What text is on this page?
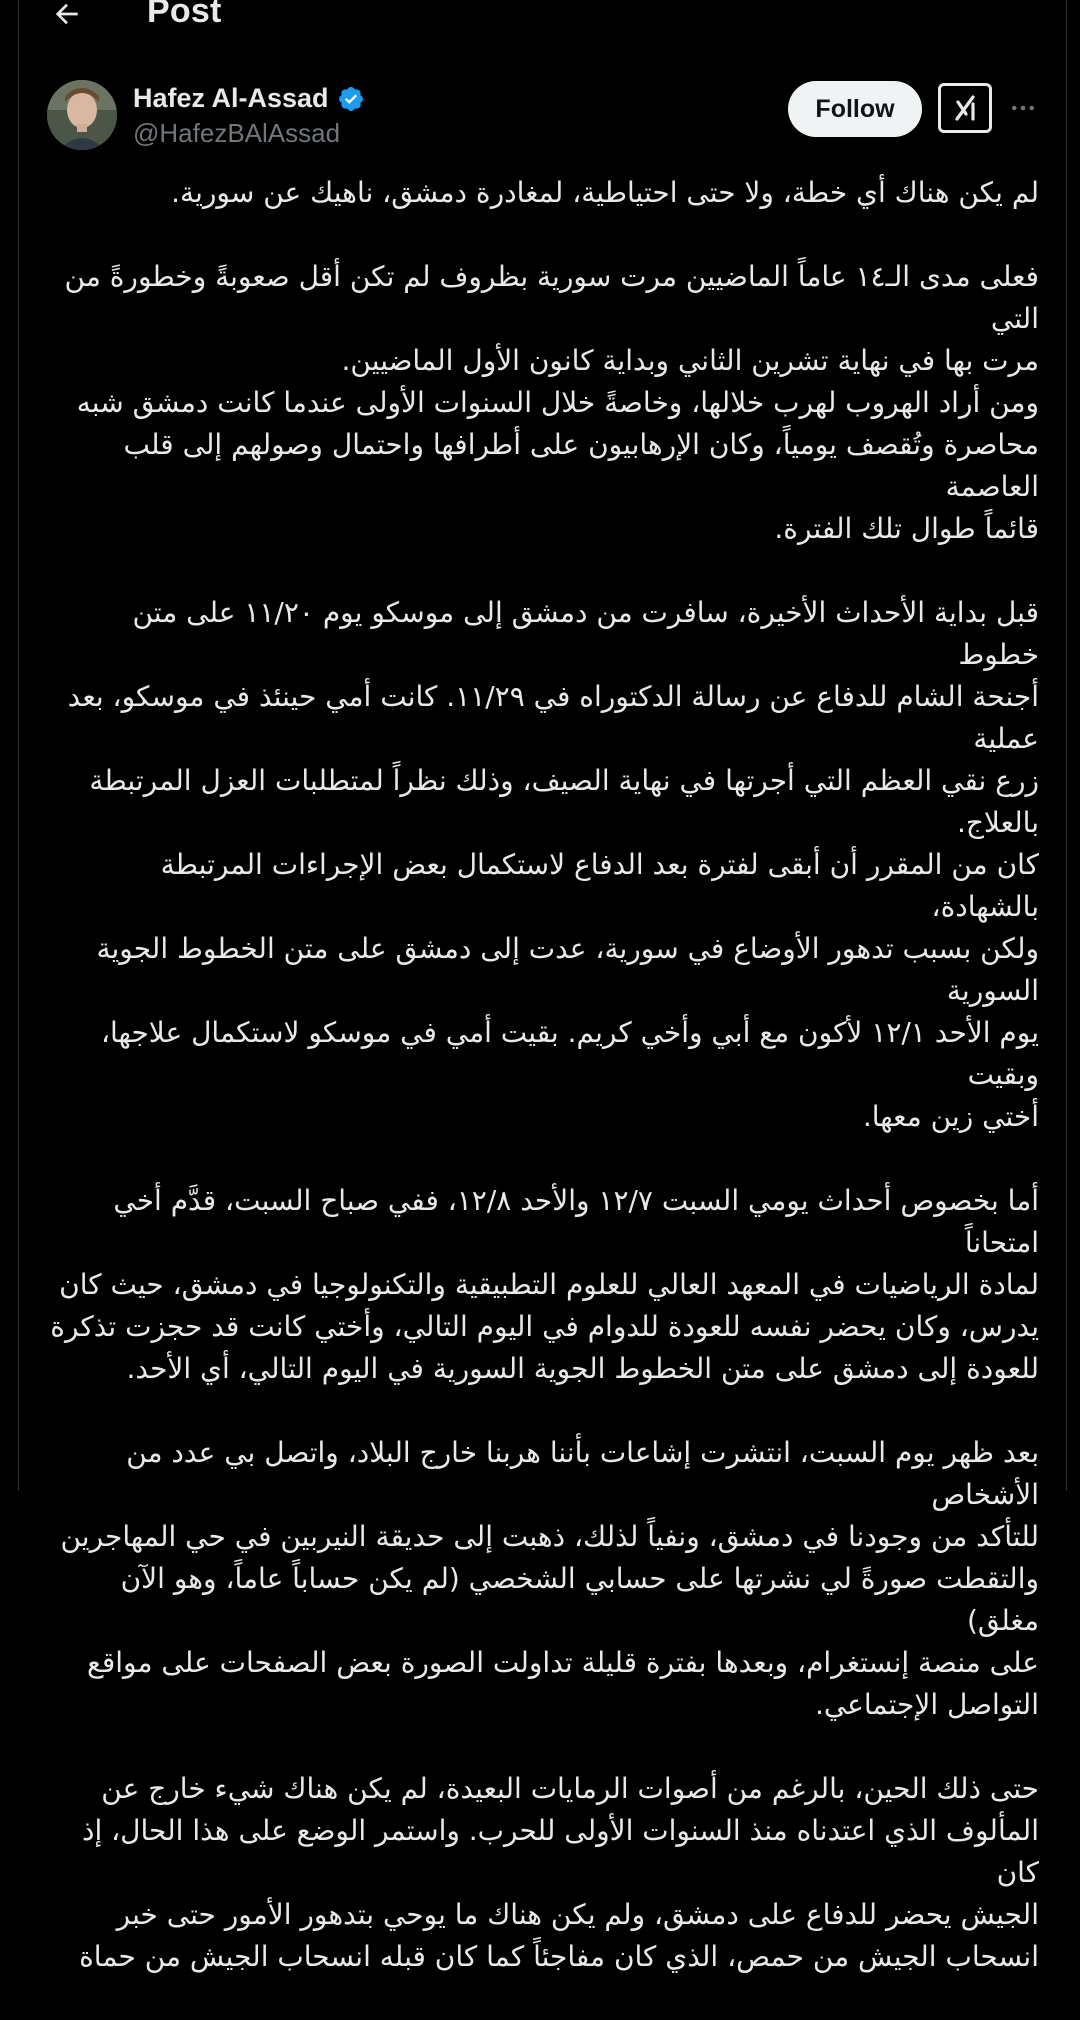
Post
Hafez Al-Assad
@HafezBAlAssad
Follow

لم يكن هناك أي خطة، ولا حتى احتياطية، لمغادرة دمشق، ناهيك عن سورية.

فعلى مدى الـ١٤ عاماً الماضيين مرت سورية بظروف لم تكن أقل صعوبةً وخطورةً من التي
مرت بها في نهاية تشرين الثاني وبداية كانون الأول الماضيين.
ومن أراد الهروب لهرب خلالها، وخاصةً خلال السنوات الأولى عندما كانت دمشق شبه
محاصرة وتُقصف يومياً، وكان الإرهابيون على أطرافها واحتمال وصولهم إلى قلب العاصمة
قائماً طوال تلك الفترة.

قبل بداية الأحداث الأخيرة، سافرت من دمشق إلى موسكو يوم ١١/٢٠ على متن خطوط
أجنحة الشام للدفاع عن رسالة الدكتوراه في ١١/٢٩. كانت أمي حينئذ في موسكو، بعد عملية
زرع نقي العظم التي أجرتها في نهاية الصيف، وذلك نظراً لمتطلبات العزل المرتبطة بالعلاج.
كان من المقرر أن أبقى لفترة بعد الدفاع لاستكمال بعض الإجراءات المرتبطة بالشهادة،
ولكن بسبب تدهور الأوضاع في سورية، عدت إلى دمشق على متن الخطوط الجوية السورية
يوم الأحد ١٢/١ لأكون مع أبي وأخي كريم. بقيت أمي في موسكو لاستكمال علاجها، وبقيت
أختي زين معها.

أما بخصوص أحداث يومي السبت ١٢/٧ والأحد ١٢/٨، ففي صباح السبت، قدَّم أخي امتحاناً
لمادة الرياضيات في المعهد العالي للعلوم التطبيقية والتكنولوجيا في دمشق، حيث كان
يدرس، وكان يحضر نفسه للعودة للدوام في اليوم التالي، وأختي كانت قد حجزت تذكرة
للعودة إلى دمشق على متن الخطوط الجوية السورية في اليوم التالي، أي الأحد.

بعد ظهر يوم السبت، انتشرت إشاعات بأننا هربنا خارج البلاد، واتصل بي عدد من الأشخاص
للتأكد من وجودنا في دمشق، ونفياً لذلك، ذهبت إلى حديقة النيربين في حي المهاجرين
والتقطت صورةً لي نشرتها على حسابي الشخصي (لم يكن حساباً عاماً، وهو الآن مغلق)
على منصة إنستغرام، وبعدها بفترة قليلة تداولت الصورة بعض الصفحات على مواقع
التواصل الإجتماعي.

حتى ذلك الحين، بالرغم من أصوات الرمايات البعيدة، لم يكن هناك شيء خارج عن
المألوف الذي اعتدناه منذ السنوات الأولى للحرب. واستمر الوضع على هذا الحال، إذ كان
الجيش يحضر للدفاع على دمشق، ولم يكن هناك ما يوحي بتدهور الأمور حتى خبر
انسحاب الجيش من حمص، الذي كان مفاجئاً كما كان قبله انسحاب الجيش من حماة
